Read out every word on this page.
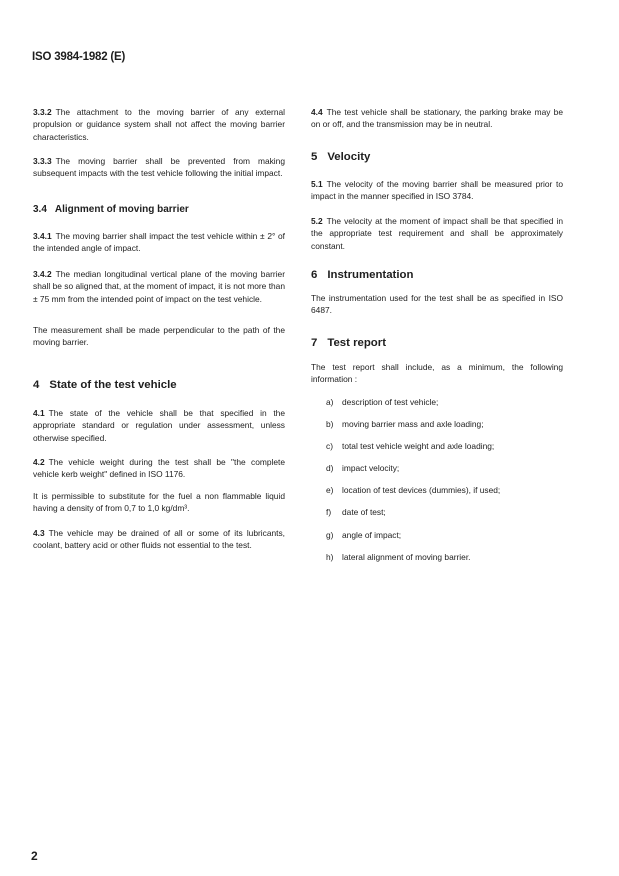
ISO 3984-1982 (E)

3.3.2 The attachment to the moving barrier of any external propulsion or guidance system shall not affect the moving barrier characteristics.

3.3.3 The moving barrier shall be prevented from making subsequent impacts with the test vehicle following the initial impact.

3.4 Alignment of moving barrier

3.4.1 The moving barrier shall impact the test vehicle within ± 2° of the intended angle of impact.

3.4.2 The median longitudinal vertical plane of the moving barrier shall be so aligned that, at the moment of impact, it is not more than ± 75 mm from the intended point of impact on the test vehicle.

The measurement shall be made perpendicular to the path of the moving barrier.

4 State of the test vehicle

4.1 The state of the vehicle shall be that specified in the appropriate standard or regulation under assessment, unless otherwise specified.

4.2 The vehicle weight during the test shall be "the complete vehicle kerb weight" defined in ISO 1176.

It is permissible to substitute for the fuel a non flammable liquid having a density of from 0,7 to 1,0 kg/dm³.

4.3 The vehicle may be drained of all or some of its lubricants, coolant, battery acid or other fluids not essential to the test.

4.4 The test vehicle shall be stationary, the parking brake may be on or off, and the transmission may be in neutral.

5 Velocity

5.1 The velocity of the moving barrier shall be measured prior to impact in the manner specified in ISO 3784.

5.2 The velocity at the moment of impact shall be that specified in the appropriate test requirement and shall be approximately constant.

6 Instrumentation

The instrumentation used for the test shall be as specified in ISO 6487.

7 Test report

The test report shall include, as a minimum, the following information :

a) description of test vehicle;
b) moving barrier mass and axle loading;
c) total test vehicle weight and axle loading;
d) impact velocity;
e) location of test devices (dummies), if used;
f) date of test;
g) angle of impact;
h) lateral alignment of moving barrier.
2
